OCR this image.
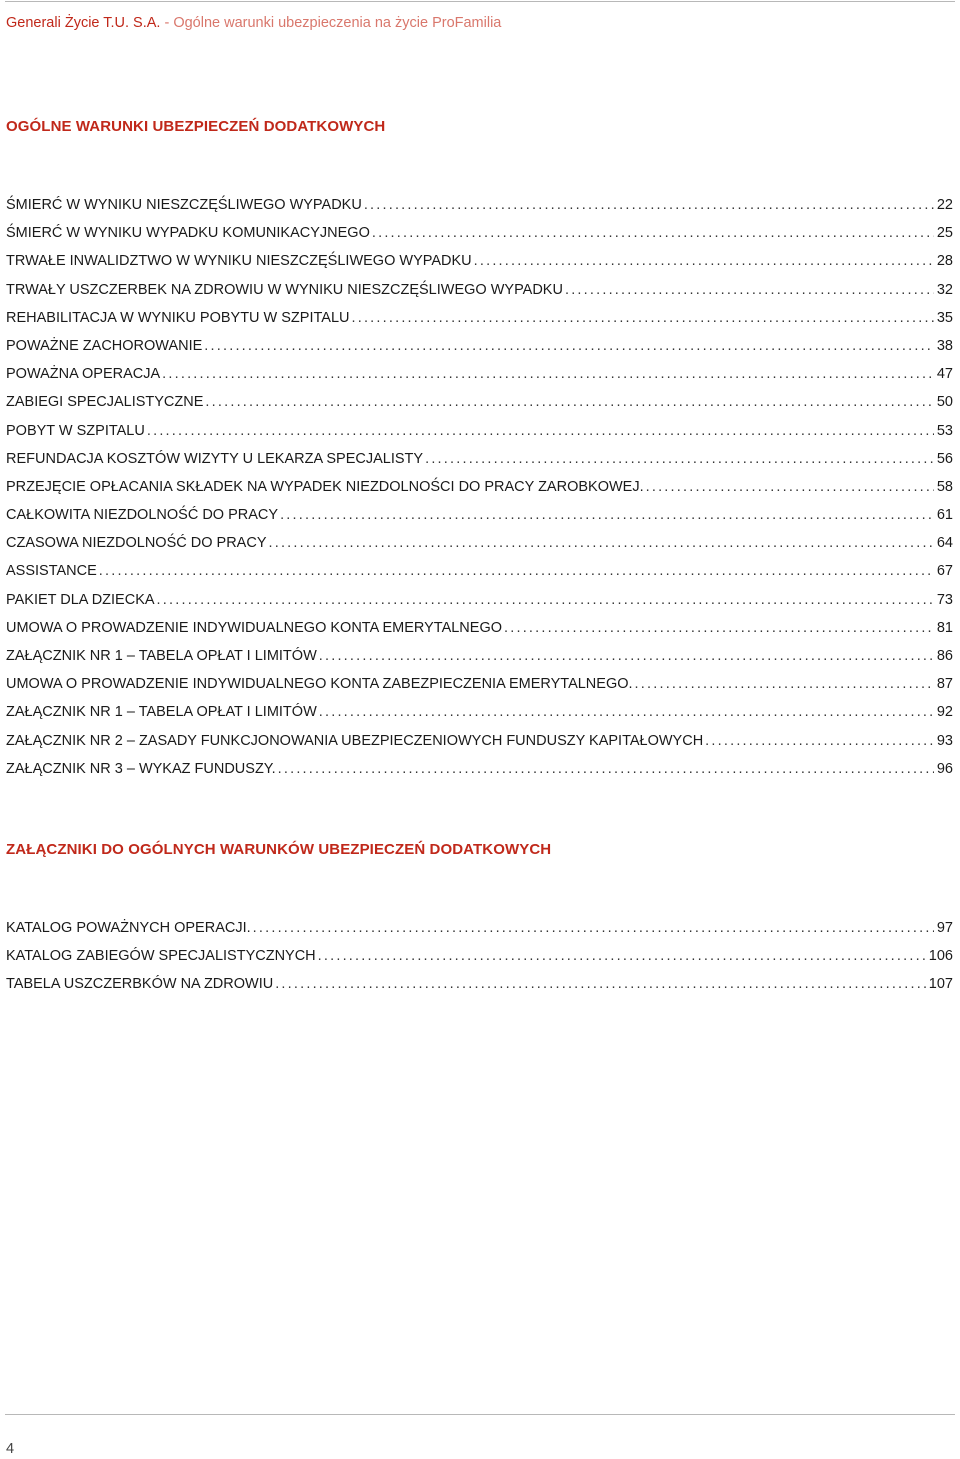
Generali Życie T.U. S.A. - Ogólne warunki ubezpieczenia na życie ProFamilia
OGÓLNE WARUNKI UBEZPIECZEŃ DODATKOWYCH
ŚMIERĆ W WYNIKU NIESZCZĘŚLIWEGO WYPADKU .....	22
ŚMIERĆ W WYNIKU WYPADKU KOMUNIKACYJNEGO .....	25
TRWAŁE INWALIDZTWO W WYNIKU NIESZCZĘŚLIWEGO WYPADKU .....	28
TRWAŁY USZCZERBEK NA ZDROWIU W WYNIKU NIESZCZĘŚLIWEGO WYPADKU .....	32
REHABILITACJA W WYNIKU POBYTU W SZPITALU .....	35
POWAŻNE ZACHOROWANIE .....	38
POWAŻNA OPERACJA .....	47
ZABIEGI SPECJALISTYCZNE .....	50
POBYT W SZPITALU .....	53
REFUNDACJA KOSZTÓW WIZYTY U LEKARZA SPECJALISTY .....	56
PRZEJĘCIE OPŁACANIA SKŁADEK NA WYPADEK NIEZDOLNOŚCI DO PRACY ZAROBKOWEJ. .....	58
CAŁKOWITA NIEZDOLNOŚĆ DO PRACY .....	61
CZASOWA NIEZDOLNOŚĆ DO PRACY .....	64
ASSISTANCE .....	67
PAKIET DLA DZIECKA .....	73
UMOWA O PROWADZENIE INDYWIDUALNEGO KONTA EMERYTALNEGO .....	81
ZAŁĄCZNIK NR 1 – TABELA OPŁAT I LIMITÓW .....	86
UMOWA O PROWADZENIE INDYWIDUALNEGO KONTA ZABEZPIECZENIA EMERYTALNEGO. .....	87
ZAŁĄCZNIK NR 1 – TABELA OPŁAT I LIMITÓW .....	92
ZAŁĄCZNIK NR 2 – ZASADY FUNKCJONOWANIA UBEZPIECZENIOWYCH FUNDUSZY KAPITAŁOWYCH .....	93
ZAŁĄCZNIK NR 3 – WYKAZ FUNDUSZY. .....	96
ZAŁĄCZNIKI DO OGÓLNYCH WARUNKÓW UBEZPIECZEŃ DODATKOWYCH
KATALOG POWAŻNYCH OPERACJI. .....	97
KATALOG ZABIEGÓW SPECJALISTYCZNYCH .....	106
TABELA USZCZERBKÓW NA ZDROWIU .....	107
4
